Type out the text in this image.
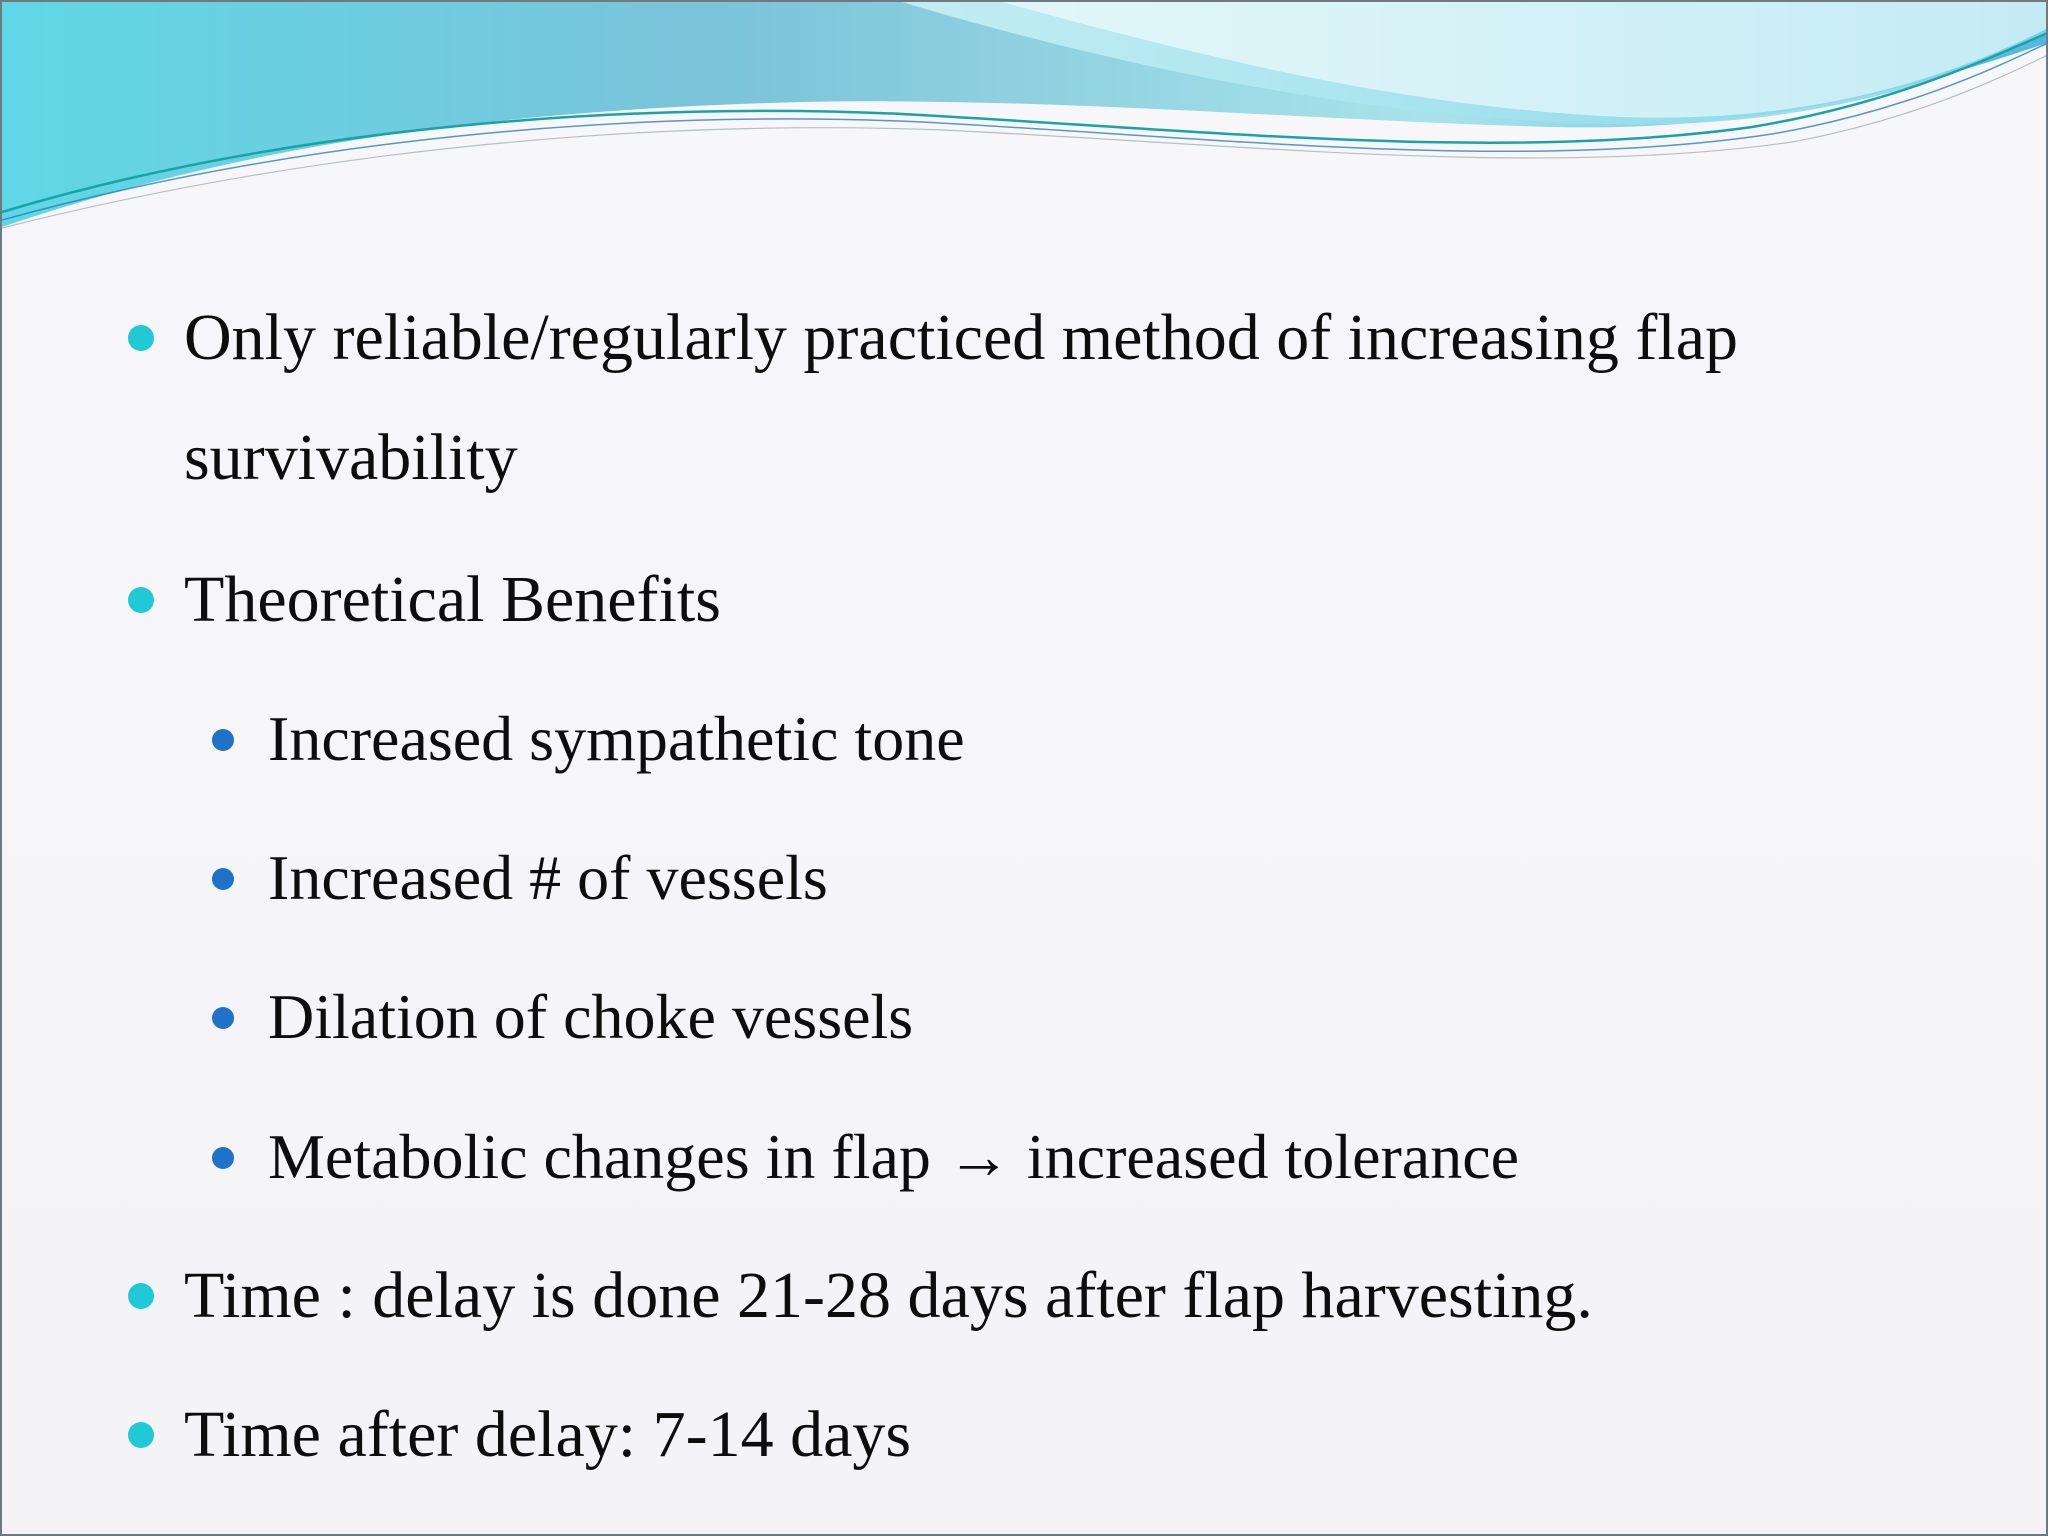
Only reliable/regularly practiced method of increasing flap survivability
Theoretical Benefits
Increased sympathetic tone
Increased # of vessels
Dilation of choke vessels
Metabolic changes in flap → increased tolerance
Time : delay is done 21-28 days after flap harvesting.
Time after delay: 7-14 days
